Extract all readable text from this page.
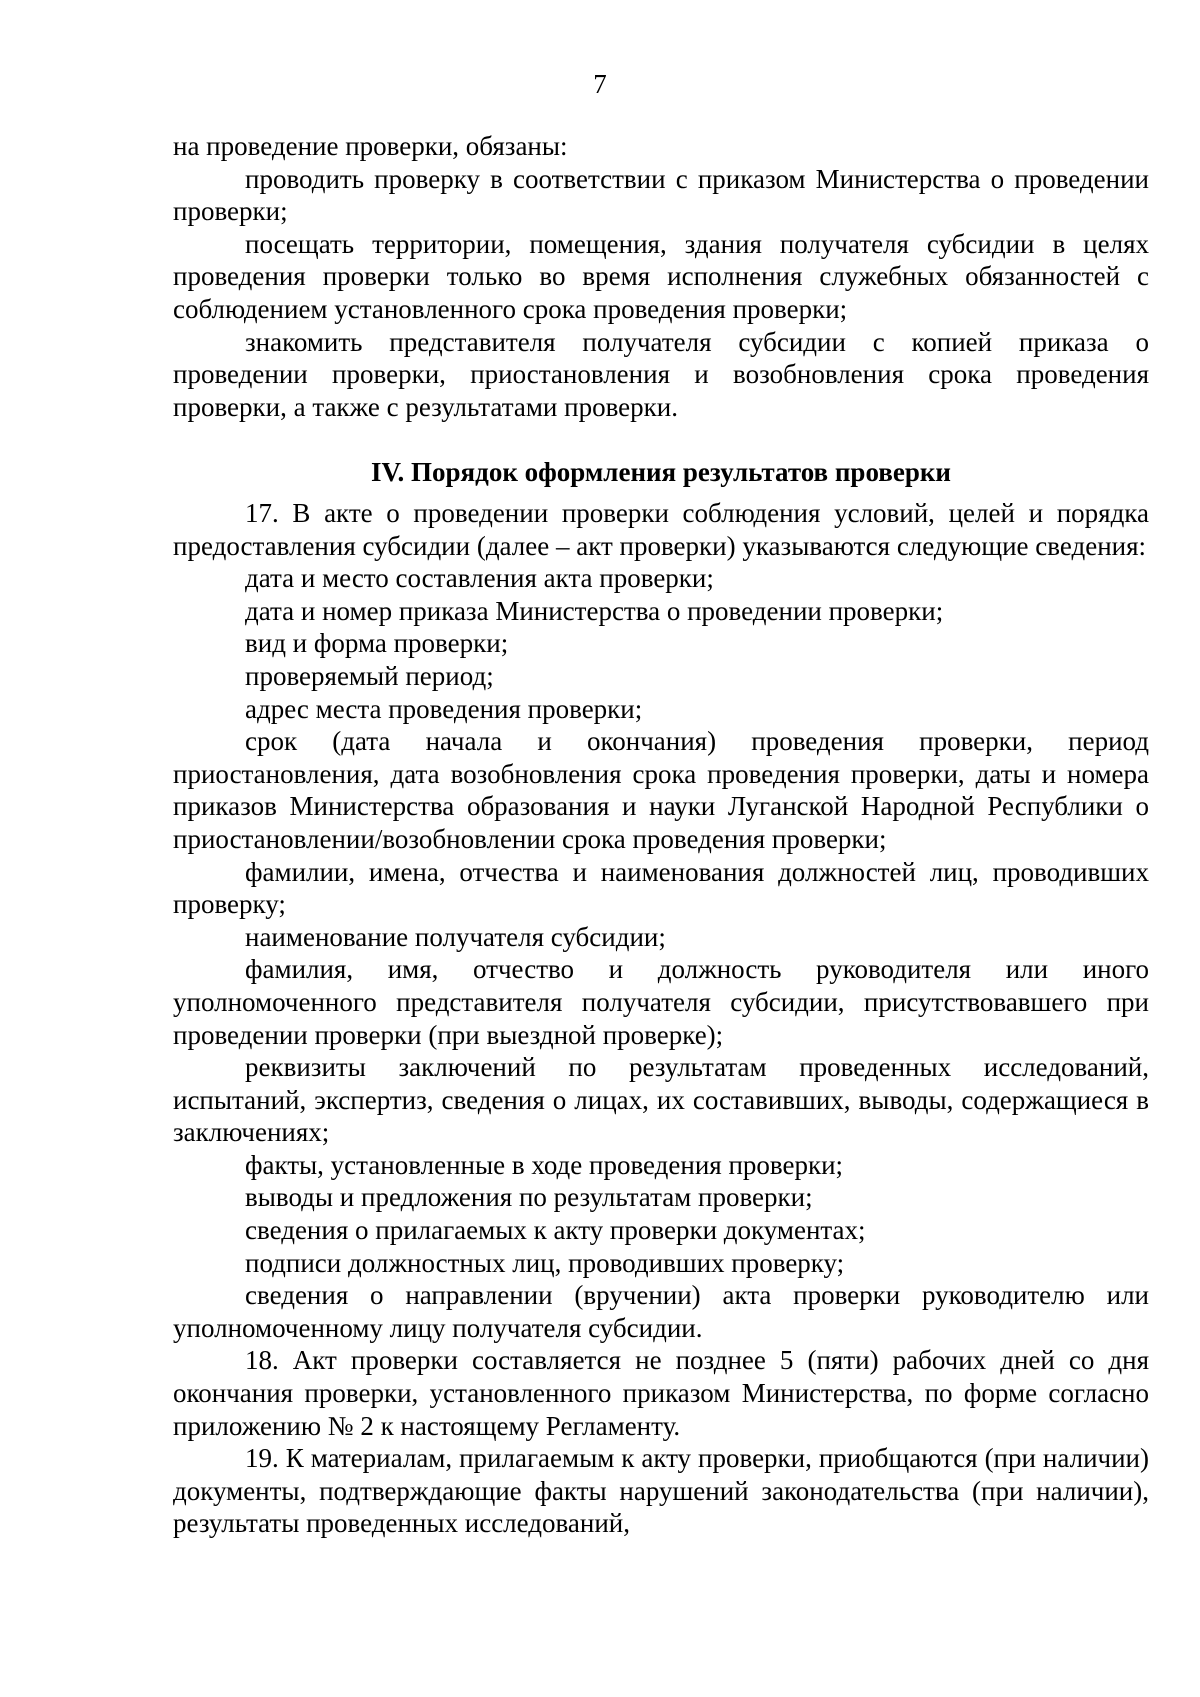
7

на проведение проверки, обязаны:

проводить проверку в соответствии с приказом Министерства о проведении проверки;

посещать территории, помещения, здания получателя субсидии в целях проведения проверки только во время исполнения служебных обязанностей с соблюдением установленного срока проведения проверки;

знакомить представителя получателя субсидии с копией приказа о проведении проверки, приостановления и возобновления срока проведения проверки, а также с результатами проверки.

IV. Порядок оформления результатов проверки

17. В акте о проведении проверки соблюдения условий, целей и порядка предоставления субсидии (далее – акт проверки) указываются следующие сведения:

дата и место составления акта проверки;

дата и номер приказа Министерства о проведении проверки;

вид и форма проверки;

проверяемый период;

адрес места проведения проверки;

срок (дата начала и окончания) проведения проверки, период приостановления, дата возобновления срока проведения проверки, даты и номера приказов Министерства образования и науки Луганской Народной Республики о приостановлении/возобновлении срока проведения проверки;

фамилии, имена, отчества и наименования должностей лиц, проводивших проверку;

наименование получателя субсидии;

фамилия, имя, отчество и должность руководителя или иного уполномоченного представителя получателя субсидии, присутствовавшего при проведении проверки (при выездной проверке);

реквизиты заключений по результатам проведенных исследований, испытаний, экспертиз, сведения о лицах, их составивших, выводы, содержащиеся в заключениях;

факты, установленные в ходе проведения проверки;

выводы и предложения по результатам проверки;

сведения о прилагаемых к акту проверки документах;

подписи должностных лиц, проводивших проверку;

сведения о направлении (вручении) акта проверки руководителю или уполномоченному лицу получателя субсидии.

18. Акт проверки составляется не позднее 5 (пяти) рабочих дней со дня окончания проверки, установленного приказом Министерства, по форме согласно приложению № 2 к настоящему Регламенту.

19. К материалам, прилагаемым к акту проверки, приобщаются (при наличии) документы, подтверждающие факты нарушений законодательства (при наличии), результаты проведенных исследований,
